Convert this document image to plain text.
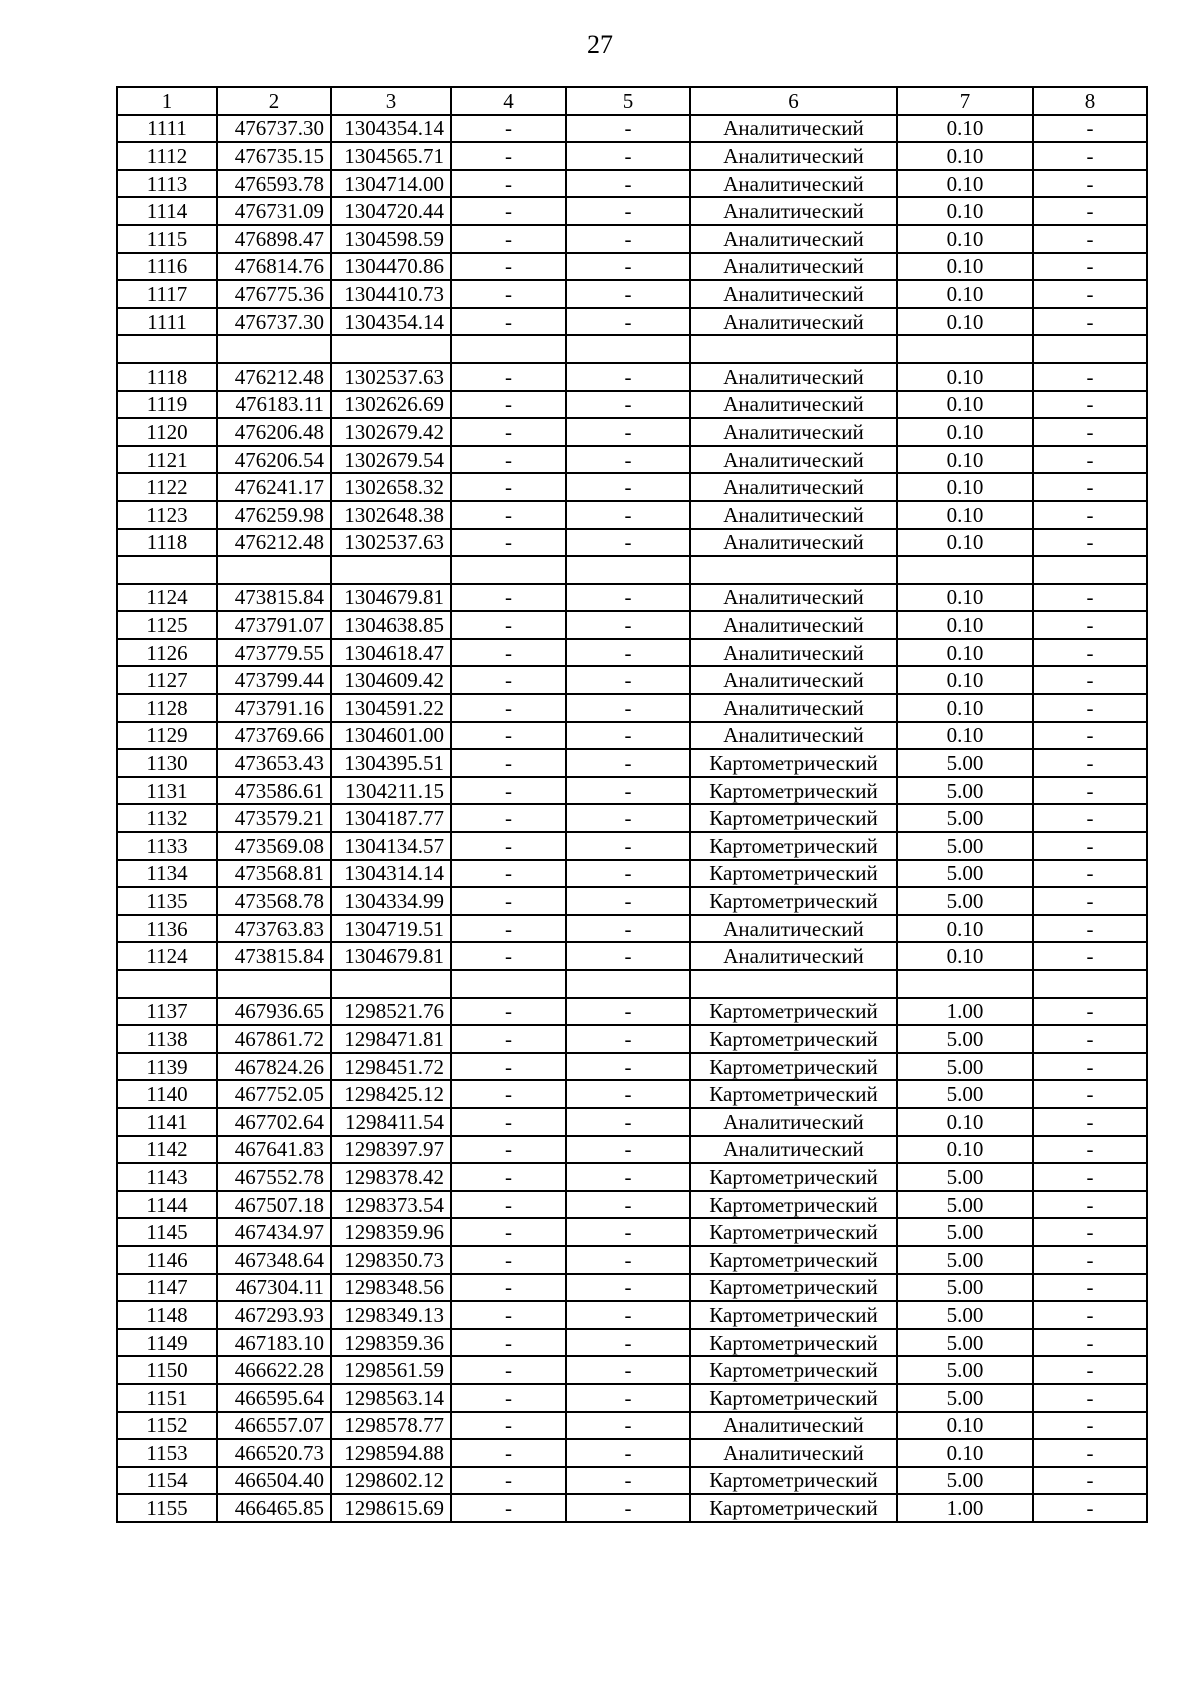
27
1	2	3	4	5	6	7	8
1111	476737.30	1304354.14	-	-	Аналитический	0.10	-
1112	476735.15	1304565.71	-	-	Аналитический	0.10	-
1113	476593.78	1304714.00	-	-	Аналитический	0.10	-
1114	476731.09	1304720.44	-	-	Аналитический	0.10	-
1115	476898.47	1304598.59	-	-	Аналитический	0.10	-
1116	476814.76	1304470.86	-	-	Аналитический	0.10	-
1117	476775.36	1304410.73	-	-	Аналитический	0.10	-
1111	476737.30	1304354.14	-	-	Аналитический	0.10	-

1118	476212.48	1302537.63	-	-	Аналитический	0.10	-
1119	476183.11	1302626.69	-	-	Аналитический	0.10	-
1120	476206.48	1302679.42	-	-	Аналитический	0.10	-
1121	476206.54	1302679.54	-	-	Аналитический	0.10	-
1122	476241.17	1302658.32	-	-	Аналитический	0.10	-
1123	476259.98	1302648.38	-	-	Аналитический	0.10	-
1118	476212.48	1302537.63	-	-	Аналитический	0.10	-

1124	473815.84	1304679.81	-	-	Аналитический	0.10	-
1125	473791.07	1304638.85	-	-	Аналитический	0.10	-
1126	473779.55	1304618.47	-	-	Аналитический	0.10	-
1127	473799.44	1304609.42	-	-	Аналитический	0.10	-
1128	473791.16	1304591.22	-	-	Аналитический	0.10	-
1129	473769.66	1304601.00	-	-	Аналитический	0.10	-
1130	473653.43	1304395.51	-	-	Картометрический	5.00	-
1131	473586.61	1304211.15	-	-	Картометрический	5.00	-
1132	473579.21	1304187.77	-	-	Картометрический	5.00	-
1133	473569.08	1304134.57	-	-	Картометрический	5.00	-
1134	473568.81	1304314.14	-	-	Картометрический	5.00	-
1135	473568.78	1304334.99	-	-	Картометрический	5.00	-
1136	473763.83	1304719.51	-	-	Аналитический	0.10	-
1124	473815.84	1304679.81	-	-	Аналитический	0.10	-

1137	467936.65	1298521.76	-	-	Картометрический	1.00	-
1138	467861.72	1298471.81	-	-	Картометрический	5.00	-
1139	467824.26	1298451.72	-	-	Картометрический	5.00	-
1140	467752.05	1298425.12	-	-	Картометрический	5.00	-
1141	467702.64	1298411.54	-	-	Аналитический	0.10	-
1142	467641.83	1298397.97	-	-	Аналитический	0.10	-
1143	467552.78	1298378.42	-	-	Картометрический	5.00	-
1144	467507.18	1298373.54	-	-	Картометрический	5.00	-
1145	467434.97	1298359.96	-	-	Картометрический	5.00	-
1146	467348.64	1298350.73	-	-	Картометрический	5.00	-
1147	467304.11	1298348.56	-	-	Картометрический	5.00	-
1148	467293.93	1298349.13	-	-	Картометрический	5.00	-
1149	467183.10	1298359.36	-	-	Картометрический	5.00	-
1150	466622.28	1298561.59	-	-	Картометрический	5.00	-
1151	466595.64	1298563.14	-	-	Картометрический	5.00	-
1152	466557.07	1298578.77	-	-	Аналитический	0.10	-
1153	466520.73	1298594.88	-	-	Аналитический	0.10	-
1154	466504.40	1298602.12	-	-	Картометрический	5.00	-
1155	466465.85	1298615.69	-	-	Картометрический	1.00	-
